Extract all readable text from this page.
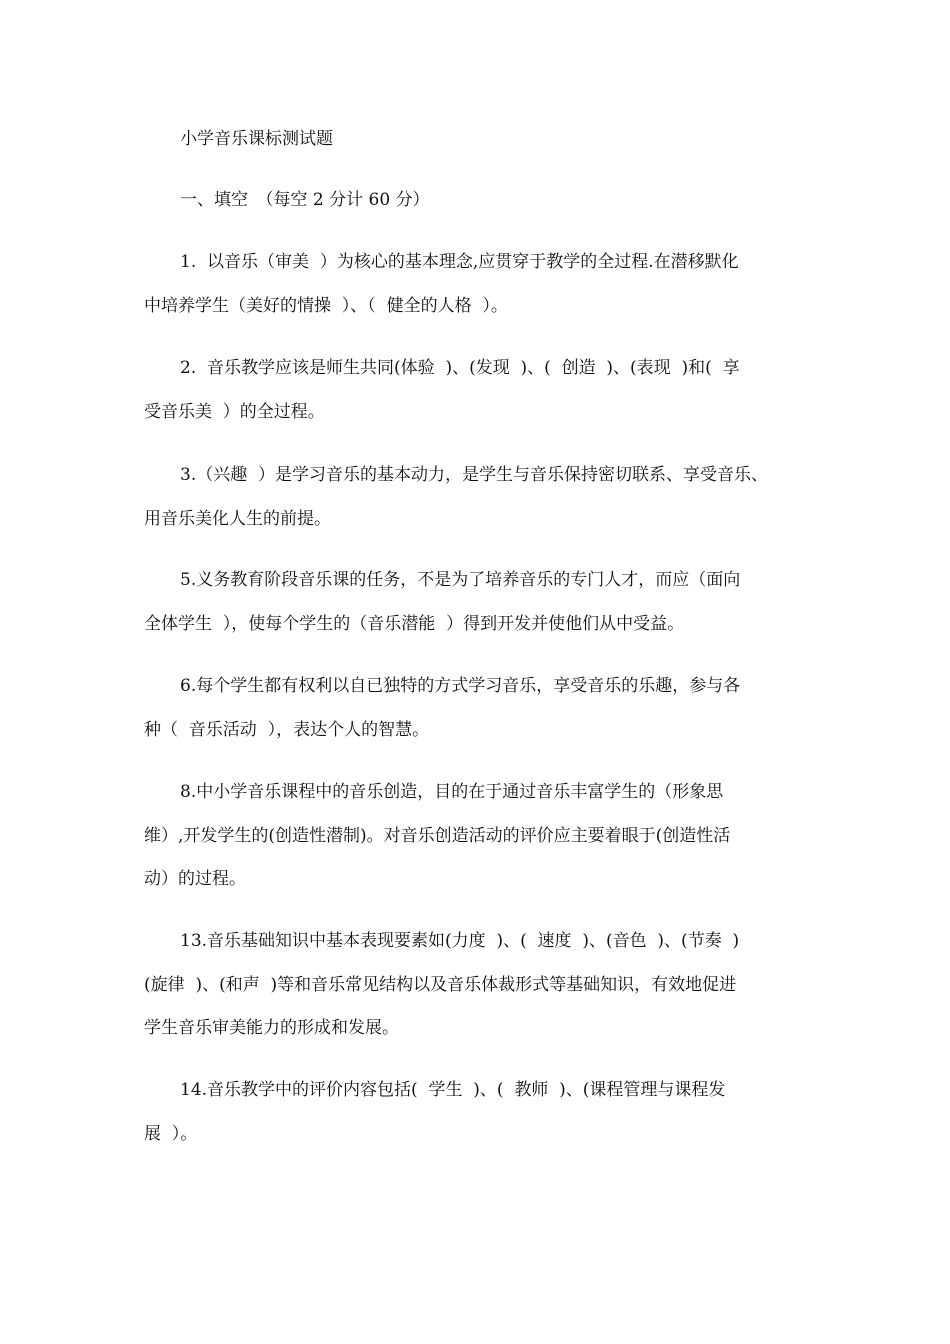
小学音乐课标测试题
一、填空　（每空 2 分计 60 分）
1.  以音乐（审美  ）为核心的基本理念,应贯穿于教学的全过程.在潜移默化
中培养学生（美好的情操  ）、（  健全的人格  ）。
2.  音乐教学应该是师生共同(体验  )、(发现  )、(  创造  )、(表现  )和(  享
受音乐美  ）的全过程。
3.（兴趣  ）是学习音乐的基本动力，是学生与音乐保持密切联系、享受音乐、
用音乐美化人生的前提。
5.义务教育阶段音乐课的任务，不是为了培养音乐的专门人才，而应（面向
全体学生  ），使每个学生的（音乐潜能  ）得到开发并使他们从中受益。
6.每个学生都有权利以自已独特的方式学习音乐，享受音乐的乐趣，参与各
种（  音乐活动  ），表达个人的智慧。
8.中小学音乐课程中的音乐创造，目的在于通过音乐丰富学生的（形象思
维）,开发学生的(创造性潜制)。对音乐创造活动的评价应主要着眼于(创造性活
动）的过程。
13.音乐基础知识中基本表现要素如(力度  )、(  速度  )、(音色  )、(节奏  )
(旋律  )、(和声  )等和音乐常见结构以及音乐体裁形式等基础知识，有效地促进
学生音乐审美能力的形成和发展。
14.音乐教学中的评价内容包括(  学生  )、(  教师  )、(课程管理与课程发
展  ）。
